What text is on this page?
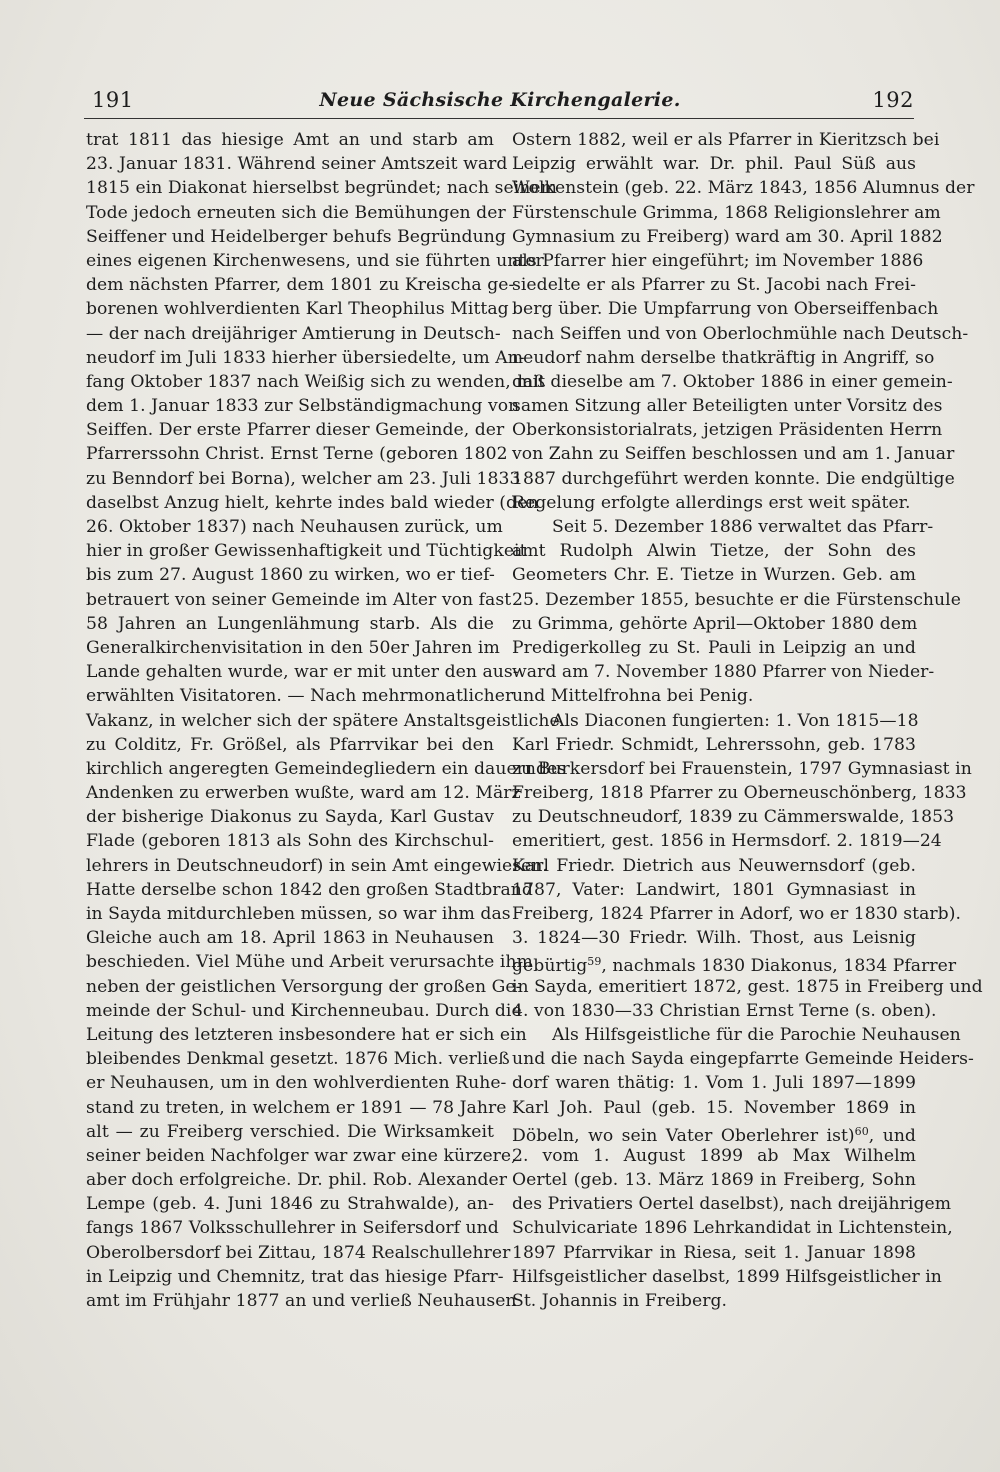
191	Neue Sächsische Kirchengalerie.	192
trat 1811 das hiesige Amt an und starb am
23. Januar 1831. Während seiner Amtszeit ward
1815 ein Diakonat hierselbst begründet; nach seinem
Tode jedoch erneuten sich die Bemühungen der
Seiffener und Heidelberger behufs Begründung
eines eigenen Kirchenwesens, und sie führten unter
dem nächsten Pfarrer, dem 1801 zu Kreischa ge-
borenen wohlverdienten Karl Theophilus Mittag
— der nach dreijähriger Amtierung in Deutsch-
neudorf im Juli 1833 hierher übersiedelte, um An-
fang Oktober 1837 nach Weißig sich zu wenden, mit
dem 1. Januar 1833 zur Selbständigmachung von
Seiffen. Der erste Pfarrer dieser Gemeinde, der
Pfarrerssohn Christ. Ernst Terne (geboren 1802
zu Benndorf bei Borna), welcher am 23. Juli 1833
daselbst Anzug hielt, kehrte indes bald wieder (den
26. Oktober 1837) nach Neuhausen zurück, um
hier in großer Gewissenhaftigkeit und Tüchtigkeit
bis zum 27. August 1860 zu wirken, wo er tief-
betrauert von seiner Gemeinde im Alter von fast
58 Jahren an Lungenlähmung starb. Als die
Generalkirchenvisitation in den 50er Jahren im
Lande gehalten wurde, war er mit unter den aus-
erwählten Visitatoren. — Nach mehrmonatlicher
Vakanz, in welcher sich der spätere Anstaltsgeistliche
zu Colditz, Fr. Größel, als Pfarrvikar bei den
kirchlich angeregten Gemeindegliedern ein dauerndes
Andenken zu erwerben wußte, ward am 12. März
der bisherige Diakonus zu Sayda, Karl Gustav
Flade (geboren 1813 als Sohn des Kirchschul-
lehrers in Deutschneudorf) in sein Amt eingewiesen.
Hatte derselbe schon 1842 den großen Stadtbrand
in Sayda mitdurchleben müssen, so war ihm das
Gleiche auch am 18. April 1863 in Neuhausen
beschieden. Viel Mühe und Arbeit verursachte ihm
neben der geistlichen Versorgung der großen Ge-
meinde der Schul- und Kirchenneubau. Durch die
Leitung des letzteren insbesondere hat er sich ein
bleibendes Denkmal gesetzt. 1876 Mich. verließ
er Neuhausen, um in den wohlverdienten Ruhe-
stand zu treten, in welchem er 1891 — 78 Jahre
alt — zu Freiberg verschied. Die Wirksamkeit
seiner beiden Nachfolger war zwar eine kürzere,
aber doch erfolgreiche. Dr. phil. Rob. Alexander
Lempe (geb. 4. Juni 1846 zu Strahwalde), an-
fangs 1867 Volksschullehrer in Seifersdorf und
Oberolbersdorf bei Zittau, 1874 Realschullehrer
in Leipzig und Chemnitz, trat das hiesige Pfarr-
amt im Frühjahr 1877 an und verließ Neuhausen
Ostern 1882, weil er als Pfarrer in Kieritzsch bei
Leipzig erwählt war. Dr. phil. Paul Süß aus
Wolkenstein (geb. 22. März 1843, 1856 Alumnus der
Fürstenschule Grimma, 1868 Religionslehrer am
Gymnasium zu Freiberg) ward am 30. April 1882
als Pfarrer hier eingeführt; im November 1886
siedelte er als Pfarrer zu St. Jacobi nach Frei-
berg über. Die Umpfarrung von Oberseiffenbach
nach Seiffen und von Oberlochmühle nach Deutsch-
neudorf nahm derselbe thatkräftig in Angriff, so
daß dieselbe am 7. Oktober 1886 in einer gemein-
samen Sitzung aller Beteiligten unter Vorsitz des
Oberkonsistorialrats, jetzigen Präsidenten Herrn
von Zahn zu Seiffen beschlossen und am 1. Januar
1887 durchgeführt werden konnte. Die endgültige
Regelung erfolgte allerdings erst weit später.
Seit 5. Dezember 1886 verwaltet das Pfarr-
amt Rudolph Alwin Tietze, der Sohn des
Geometers Chr. E. Tietze in Wurzen. Geb. am
25. Dezember 1855, besuchte er die Fürstenschule
zu Grimma, gehörte April—Oktober 1880 dem
Predigerkolleg zu St. Pauli in Leipzig an und
ward am 7. November 1880 Pfarrer von Nieder-
und Mittelfrohna bei Penig.
Als Diaconen fungierten: 1. Von 1815—18
Karl Friedr. Schmidt, Lehrerssohn, geb. 1783
zu Burkersdorf bei Frauenstein, 1797 Gymnasiast in
Freiberg, 1818 Pfarrer zu Oberneuschönberg, 1833
zu Deutschneudorf, 1839 zu Cämmerswalde, 1853
emeritiert, gest. 1856 in Hermsdorf. 2. 1819—24
Karl Friedr. Dietrich aus Neuwernsdorf (geb.
1787, Vater: Landwirt, 1801 Gymnasiast in
Freiberg, 1824 Pfarrer in Adorf, wo er 1830 starb).
3. 1824—30 Friedr. Wilh. Thost, aus Leisnig
gebürtig$^{59}$, nachmals 1830 Diakonus, 1834 Pfarrer
in Sayda, emeritiert 1872, gest. 1875 in Freiberg und
4. von 1830—33 Christian Ernst Terne (s. oben).
Als Hilfsgeistliche für die Parochie Neuhausen
und die nach Sayda eingepfarrte Gemeinde Heiders-
dorf waren thätig: 1. Vom 1. Juli 1897—1899
Karl Joh. Paul (geb. 15. November 1869 in
Döbeln, wo sein Vater Oberlehrer ist)$^{60}$, und
2. vom 1. August 1899 ab Max Wilhelm
Oertel (geb. 13. März 1869 in Freiberg, Sohn
des Privatiers Oertel daselbst), nach dreijährigem
Schulvicariate 1896 Lehrkandidat in Lichtenstein,
1897 Pfarrvikar in Riesa, seit 1. Januar 1898
Hilfsgeistlicher daselbst, 1899 Hilfsgeistlicher in
St. Johannis in Freiberg.
